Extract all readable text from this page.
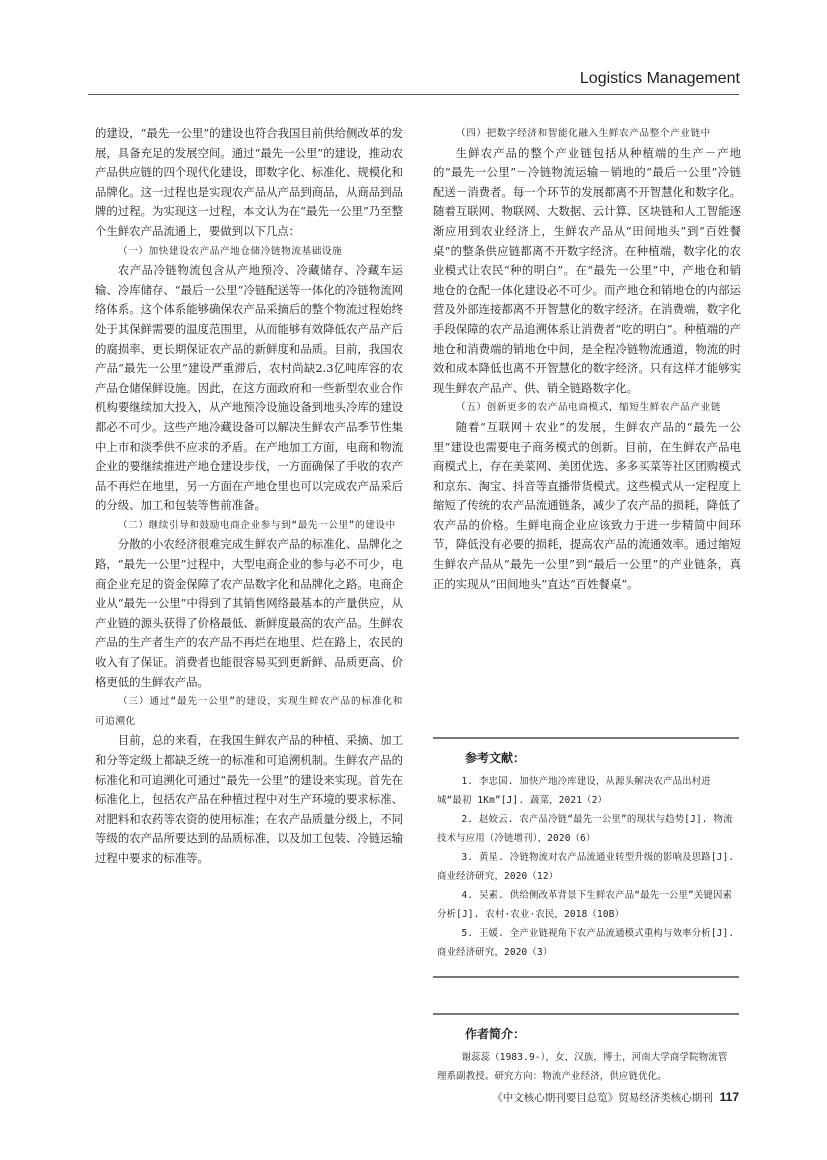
Logistics Management

的建设，“最先一公里”的建设也符合我国目前供给侧改革的发展，具备充足的发展空间。通过“最先一公里”的建设，推动农产品供应链的四个现代化建设，即数字化、标准化、规模化和品牌化。这一过程也是实现农产品从产品到商品，从商品到品牌的过程。为实现这一过程，本文认为在“最先一公里”乃至整个生鲜农产品流通上，要做到以下几点：

（一）加快建设农产品产地仓储冷链物流基础设施

农产品冷链物流包含从产地预冷、冷藏储存、冷藏车运输、冷库储存、“最后一公里”冷链配送等一体化的冷链物流网络体系。这个体系能够确保农产品采摘后的整个物流过程始终处于其保鲜需要的温度范围里，从而能够有效降低农产品产后的腐损率、更长期保证农产品的新鲜度和品质。目前，我国农产品“最先一公里”建设严重滞后，农村尚缺2.3亿吨库容的农产品仓储保鲜设施。因此，在这方面政府和一些新型农业合作机构要继续加大投入，从产地预冷设施设备到地头冷库的建设都必不可少。这些产地冷藏设备可以解决生鲜农产品季节性集中上市和淡季供不应求的矛盾。在产地加工方面，电商和物流企业的要继续推进产地仓建设步伐，一方面确保了手收的农产品不再烂在地里，另一方面在产地仓里也可以完成农产品采后的分级、加工和包装等售前准备。

（二）继续引导和鼓励电商企业参与到“最先一公里”的建设中

分散的小农经济很难完成生鲜农产品的标准化、品牌化之路，“最先一公里”过程中，大型电商企业的参与必不可少，电商企业充足的资金保障了农产品数字化和品牌化之路。电商企业从“最先一公里”中得到了其销售网络最基本的产量供应，从产业链的源头获得了价格最低、新鲜度最高的农产品。生鲜农产品的生产者生产的农产品不再烂在地里、烂在路上，农民的收入有了保证。消费者也能很容易买到更新鲜、品质更高、价格更低的生鲜农产品。

（三）通过“最先一公里”的建设，实现生鲜农产品的标准化和可追溯化

目前，总的来看，在我国生鲜农产品的种植、采摘、加工和分等定级上都缺乏统一的标准和可追溯机制。生鲜农产品的标准化和可追溯化可通过“最先一公里”的建设来实现。首先在标准化上，包括农产品在种植过程中对生产环境的要求标准、对肥料和农药等农资的使用标准；在农产品质量分级上，不同等级的农产品所要达到的品质标准，以及加工包装、冷链运输过程中要求的标准等。

（四）把数字经济和智能化融入生鲜农产品整个产业链中

生鲜农产品的整个产业链包括从种植端的生产－产地的“最先一公里”－冷链物流运输－销地的“最后一公里”冷链配送－消费者。每一个环节的发展都离不开智慧化和数字化。随着互联网、物联网、大数据、云计算、区块链和人工智能逐渐应用到农业经济上，生鲜农产品从“田间地头”到“百姓餐桌”的整条供应链都离不开数字经济。在种植端，数字化的农业模式让农民“种的明白”。在“最先一公里”中，产地仓和销地仓的仓配一体化建设必不可少。而产地仓和销地仓的内部运营及外部连接都离不开智慧化的数字经济。在消费端，数字化手段保障的农产品追溯体系让消费者“吃的明白”。种植端的产地仓和消费端的销地仓中间，是全程冷链物流通道，物流的时效和成本降低也离不开智慧化的数字经济。只有这样才能够实现生鲜农产品产、供、销全链路数字化。

（五）创新更多的农产品电商模式，缩短生鲜农产品产业链

随着“互联网＋农业”的发展，生鲜农产品的“最先一公里”建设也需要电子商务模式的创新。目前，在生鲜农产品电商模式上，存在美菜网、美团优选、多多买菜等社区团购模式和京东、淘宝、抖音等直播带货模式。这些模式从一定程度上缩短了传统的农产品流通链条，减少了农产品的损耗，降低了农产品的价格。生鲜电商企业应该致力于进一步精简中间环节，降低没有必要的损耗，提高农产品的流通效率。通过缩短生鲜农产品从“最先一公里”到“最后一公里”的产业链条，真正的实现从“田间地头”直达“百姓餐桌”。

参考文献：
1. 李忠国. 加快产地冷库建设，从源头解决农产品出村进城“最初 1Km”[J]. 蔬菜，2021（2）
2. 赵姣云. 农产品冷链“最先一公里”的现状与趋势[J]. 物流技术与应用（冷链增刊），2020（6）
3. 黄星. 冷链物流对农产品流通业转型升级的影响及思路[J]. 商业经济研究，2020（12）
4. 吴素. 供给侧改革背景下生鲜农产品“最先一公里”关键因素分析[J]. 农村·农业·农民，2018（10B）
5. 王媛. 全产业链视角下农产品流通模式重构与效率分析[J]. 商业经济研究，2020（3）
作者简介：
谢蕊蕊（1983.9-），女，汉族，博士，河南大学商学院物流管理系副教授。研究方向：物流产业经济，供应链优化。
《中文核心期刊要目总览》贸易经济类核心期刊 117
